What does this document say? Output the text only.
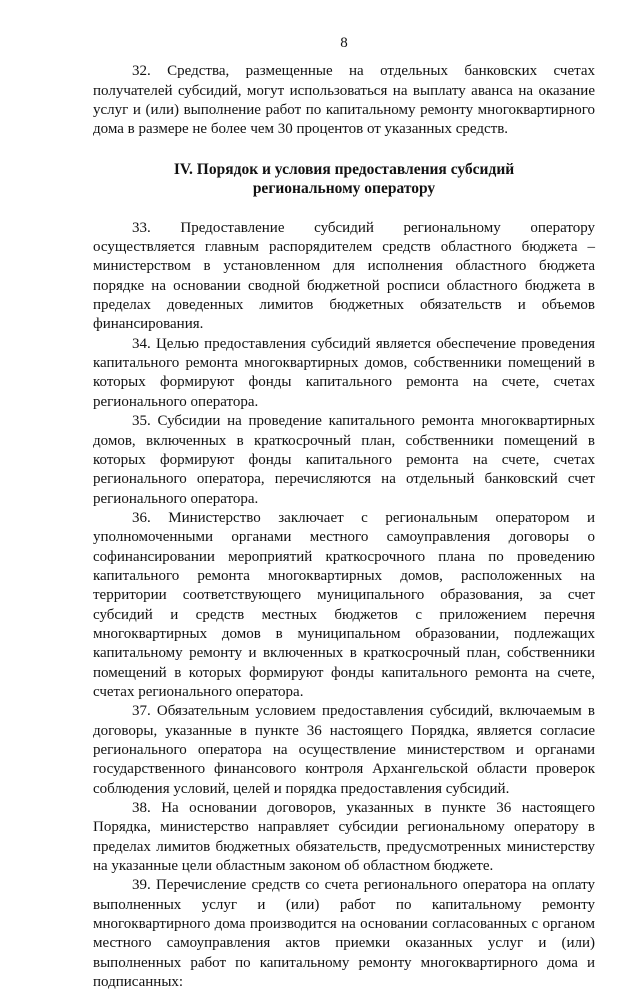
8

32. Средства, размещенные на отдельных банковских счетах получателей субсидий, могут использоваться на выплату аванса на оказание услуг и (или) выполнение работ по капитальному ремонту многоквартирного дома в размере не более чем 30 процентов от указанных средств.

IV. Порядок и условия предоставления субсидий
региональному оператору

33. Предоставление субсидий региональному оператору осуществляется главным распорядителем средств областного бюджета – министерством в установленном для исполнения областного бюджета порядке на основании сводной бюджетной росписи областного бюджета в пределах доведенных лимитов бюджетных обязательств и объемов финансирования.

34. Целью предоставления субсидий является обеспечение проведения капитального ремонта многоквартирных домов, собственники помещений в которых формируют фонды капитального ремонта на счете, счетах регионального оператора.

35. Субсидии на проведение капитального ремонта многоквартирных домов, включенных в краткосрочный план, собственники помещений в которых формируют фонды капитального ремонта на счете, счетах регионального оператора, перечисляются на отдельный банковский счет регионального оператора.

36. Министерство заключает с региональным оператором и уполномоченными органами местного самоуправления договоры о софинансировании мероприятий краткосрочного плана по проведению капитального ремонта многоквартирных домов, расположенных на территории соответствующего муниципального образования, за счет субсидий и средств местных бюджетов с приложением перечня многоквартирных домов в муниципальном образовании, подлежащих капитальному ремонту и включенных в краткосрочный план, собственники помещений в которых формируют фонды капитального ремонта на счете, счетах регионального оператора.

37. Обязательным условием предоставления субсидий, включаемым в договоры, указанные в пункте 36 настоящего Порядка, является согласие регионального оператора на осуществление министерством и органами государственного финансового контроля Архангельской области проверок соблюдения условий, целей и порядка предоставления субсидий.

38. На основании договоров, указанных в пункте 36 настоящего Порядка, министерство направляет субсидии региональному оператору в пределах лимитов бюджетных обязательств, предусмотренных министерству на указанные цели областным законом об областном бюджете.

39. Перечисление средств со счета регионального оператора на оплату выполненных услуг и (или) работ по капитальному ремонту многоквартирного дома производится на основании согласованных с органом местного самоуправления актов приемки оказанных услуг и (или) выполненных работ по капитальному ремонту многоквартирного дома и подписанных:
